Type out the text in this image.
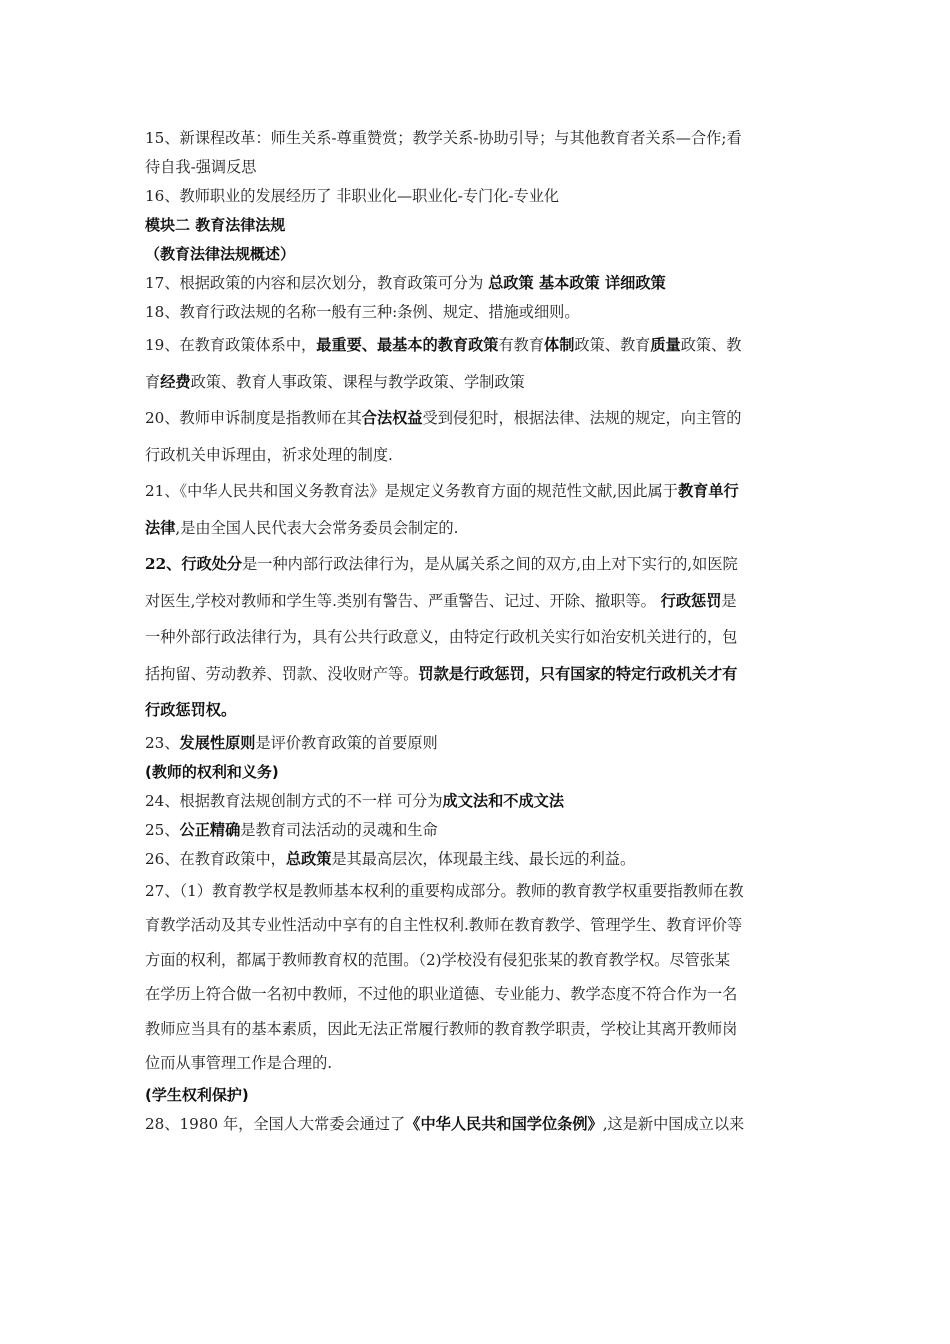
15、新课程改革：师生关系-尊重赞赏；教学关系-协助引导；与其他教育者关系—合作;看
待自我-强调反思
16、教师职业的发展经历了 非职业化—职业化-专门化-专业化
模块二 教育法律法规
（教育法律法规概述）
17、根据政策的内容和层次划分，教育政策可分为 总政策 基本政策 详细政策
18、教育行政法规的名称一般有三种:条例、规定、措施或细则。
19、在教育政策体系中，最重要、最基本的教育政策有教育体制政策、教育质量政策、教
育经费政策、教育人事政策、课程与教学政策、学制政策
20、教师申诉制度是指教师在其合法权益受到侵犯时，根据法律、法规的规定，向主管的
行政机关申诉理由，祈求处理的制度.
21、《中华人民共和国义务教育法》是规定义务教育方面的规范性文献,因此属于教育单行
法律,是由全国人民代表大会常务委员会制定的.
22、行政处分是一种内部行政法律行为，是从属关系之间的双方,由上对下实行的,如医院
对医生,学校对教师和学生等.类别有警告、严重警告、记过、开除、撤职等。 行政惩罚是
一种外部行政法律行为，具有公共行政意义，由特定行政机关实行如治安机关进行的，包
括拘留、劳动教养、罚款、没收财产等。罚款是行政惩罚，只有国家的特定行政机关才有
行政惩罚权。
23、发展性原则是评价教育政策的首要原则
(教师的权利和义务)
24、根据教育法规创制方式的不一样 可分为成文法和不成文法
25、公正精确是教育司法活动的灵魂和生命
26、在教育政策中，总政策是其最高层次，体现最主线、最长远的利益。
27、（1）教育教学权是教师基本权利的重要构成部分。教师的教育教学权重要指教师在教
育教学活动及其专业性活动中享有的自主性权利.教师在教育教学、管理学生、教育评价等
方面的权利，都属于教师教育权的范围。（2)学校没有侵犯张某的教育教学权。尽管张某
在学历上符合做一名初中教师，不过他的职业道德、专业能力、教学态度不符合作为一名
教师应当具有的基本素质，因此无法正常履行教师的教育教学职责，学校让其离开教师岗
位而从事管理工作是合理的.
(学生权利保护)
28、1980 年，全国人大常委会通过了《中华人民共和国学位条例》,这是新中国成立以来
